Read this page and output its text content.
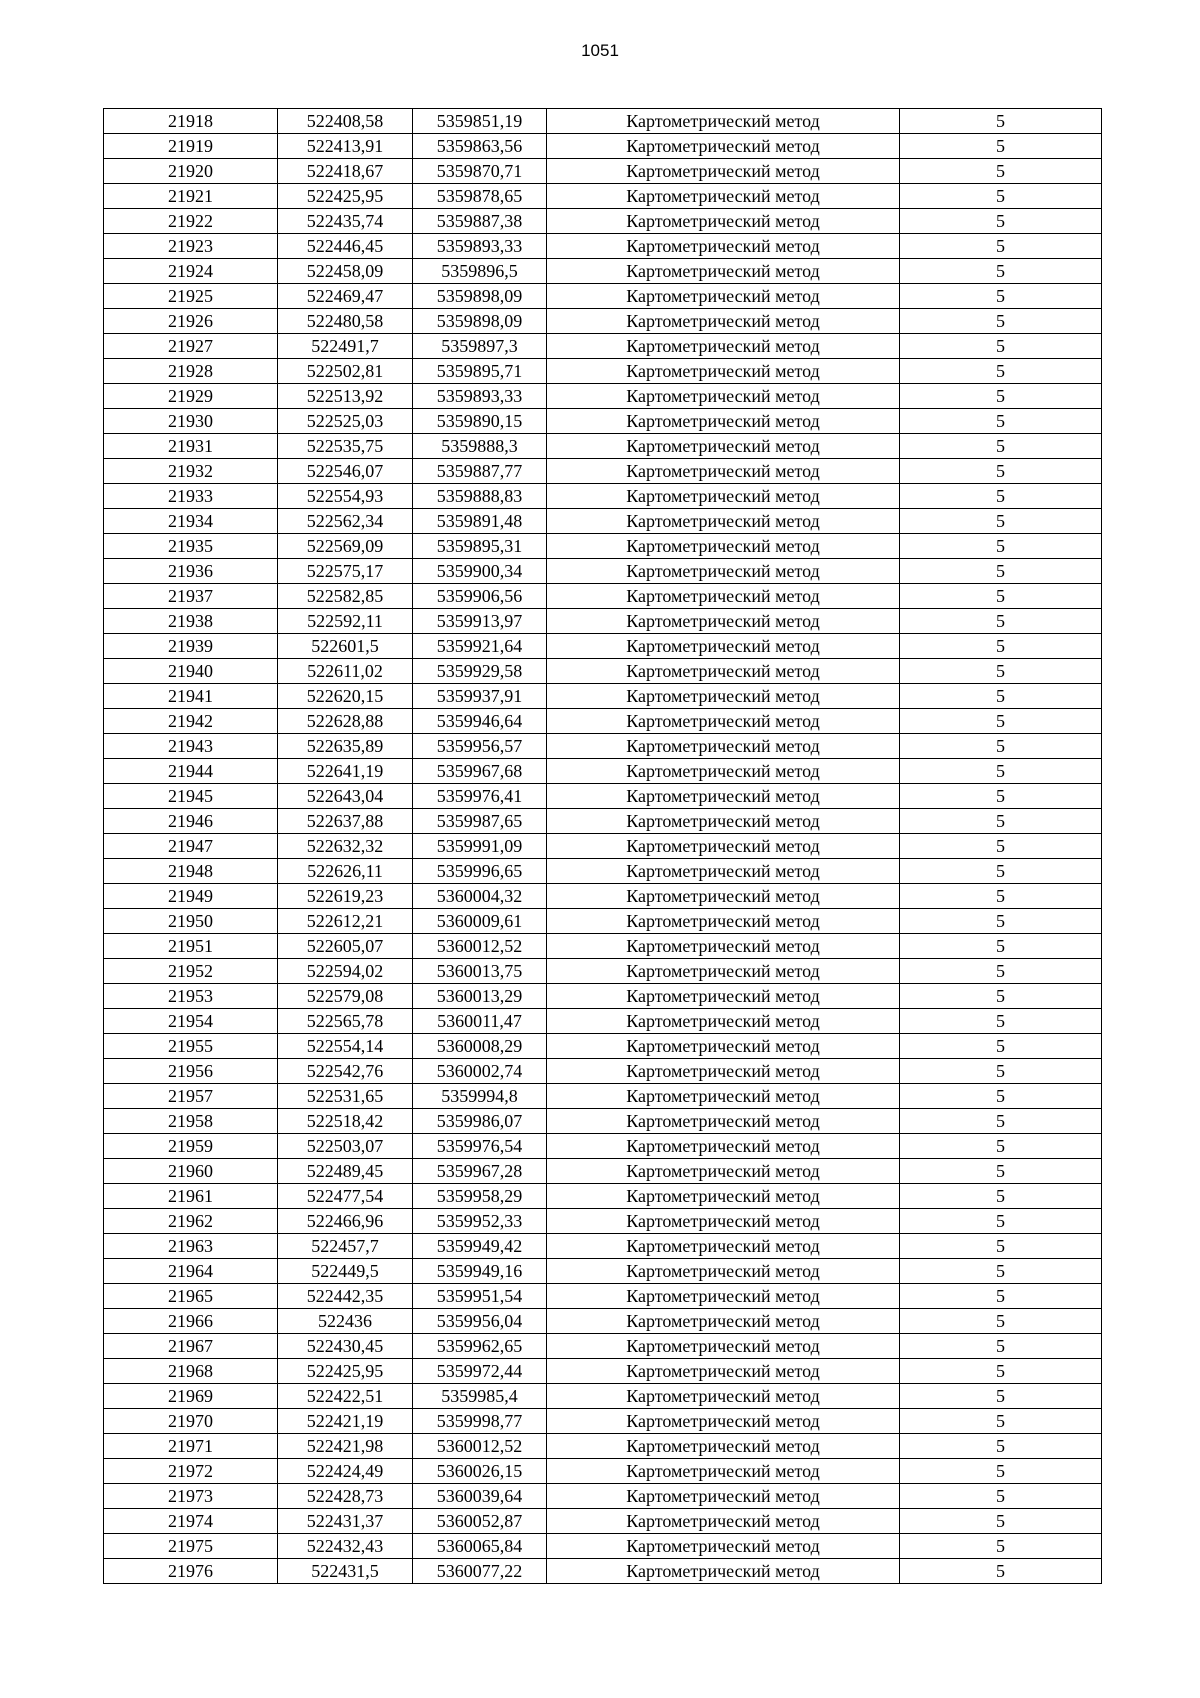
1051
21918	522408,58	5359851,19	Картометрический метод	5
21919	522413,91	5359863,56	Картометрический метод	5
21920	522418,67	5359870,71	Картометрический метод	5
21921	522425,95	5359878,65	Картометрический метод	5
21922	522435,74	5359887,38	Картометрический метод	5
21923	522446,45	5359893,33	Картометрический метод	5
21924	522458,09	5359896,5	Картометрический метод	5
21925	522469,47	5359898,09	Картометрический метод	5
21926	522480,58	5359898,09	Картометрический метод	5
21927	522491,7	5359897,3	Картометрический метод	5
21928	522502,81	5359895,71	Картометрический метод	5
21929	522513,92	5359893,33	Картометрический метод	5
21930	522525,03	5359890,15	Картометрический метод	5
21931	522535,75	5359888,3	Картометрический метод	5
21932	522546,07	5359887,77	Картометрический метод	5
21933	522554,93	5359888,83	Картометрический метод	5
21934	522562,34	5359891,48	Картометрический метод	5
21935	522569,09	5359895,31	Картометрический метод	5
21936	522575,17	5359900,34	Картометрический метод	5
21937	522582,85	5359906,56	Картометрический метод	5
21938	522592,11	5359913,97	Картометрический метод	5
21939	522601,5	5359921,64	Картометрический метод	5
21940	522611,02	5359929,58	Картометрический метод	5
21941	522620,15	5359937,91	Картометрический метод	5
21942	522628,88	5359946,64	Картометрический метод	5
21943	522635,89	5359956,57	Картометрический метод	5
21944	522641,19	5359967,68	Картометрический метод	5
21945	522643,04	5359976,41	Картометрический метод	5
21946	522637,88	5359987,65	Картометрический метод	5
21947	522632,32	5359991,09	Картометрический метод	5
21948	522626,11	5359996,65	Картометрический метод	5
21949	522619,23	5360004,32	Картометрический метод	5
21950	522612,21	5360009,61	Картометрический метод	5
21951	522605,07	5360012,52	Картометрический метод	5
21952	522594,02	5360013,75	Картометрический метод	5
21953	522579,08	5360013,29	Картометрический метод	5
21954	522565,78	5360011,47	Картометрический метод	5
21955	522554,14	5360008,29	Картометрический метод	5
21956	522542,76	5360002,74	Картометрический метод	5
21957	522531,65	5359994,8	Картометрический метод	5
21958	522518,42	5359986,07	Картометрический метод	5
21959	522503,07	5359976,54	Картометрический метод	5
21960	522489,45	5359967,28	Картометрический метод	5
21961	522477,54	5359958,29	Картометрический метод	5
21962	522466,96	5359952,33	Картометрический метод	5
21963	522457,7	5359949,42	Картометрический метод	5
21964	522449,5	5359949,16	Картометрический метод	5
21965	522442,35	5359951,54	Картометрический метод	5
21966	522436	5359956,04	Картометрический метод	5
21967	522430,45	5359962,65	Картометрический метод	5
21968	522425,95	5359972,44	Картометрический метод	5
21969	522422,51	5359985,4	Картометрический метод	5
21970	522421,19	5359998,77	Картометрический метод	5
21971	522421,98	5360012,52	Картометрический метод	5
21972	522424,49	5360026,15	Картометрический метод	5
21973	522428,73	5360039,64	Картометрический метод	5
21974	522431,37	5360052,87	Картометрический метод	5
21975	522432,43	5360065,84	Картометрический метод	5
21976	522431,5	5360077,22	Картометрический метод	5
